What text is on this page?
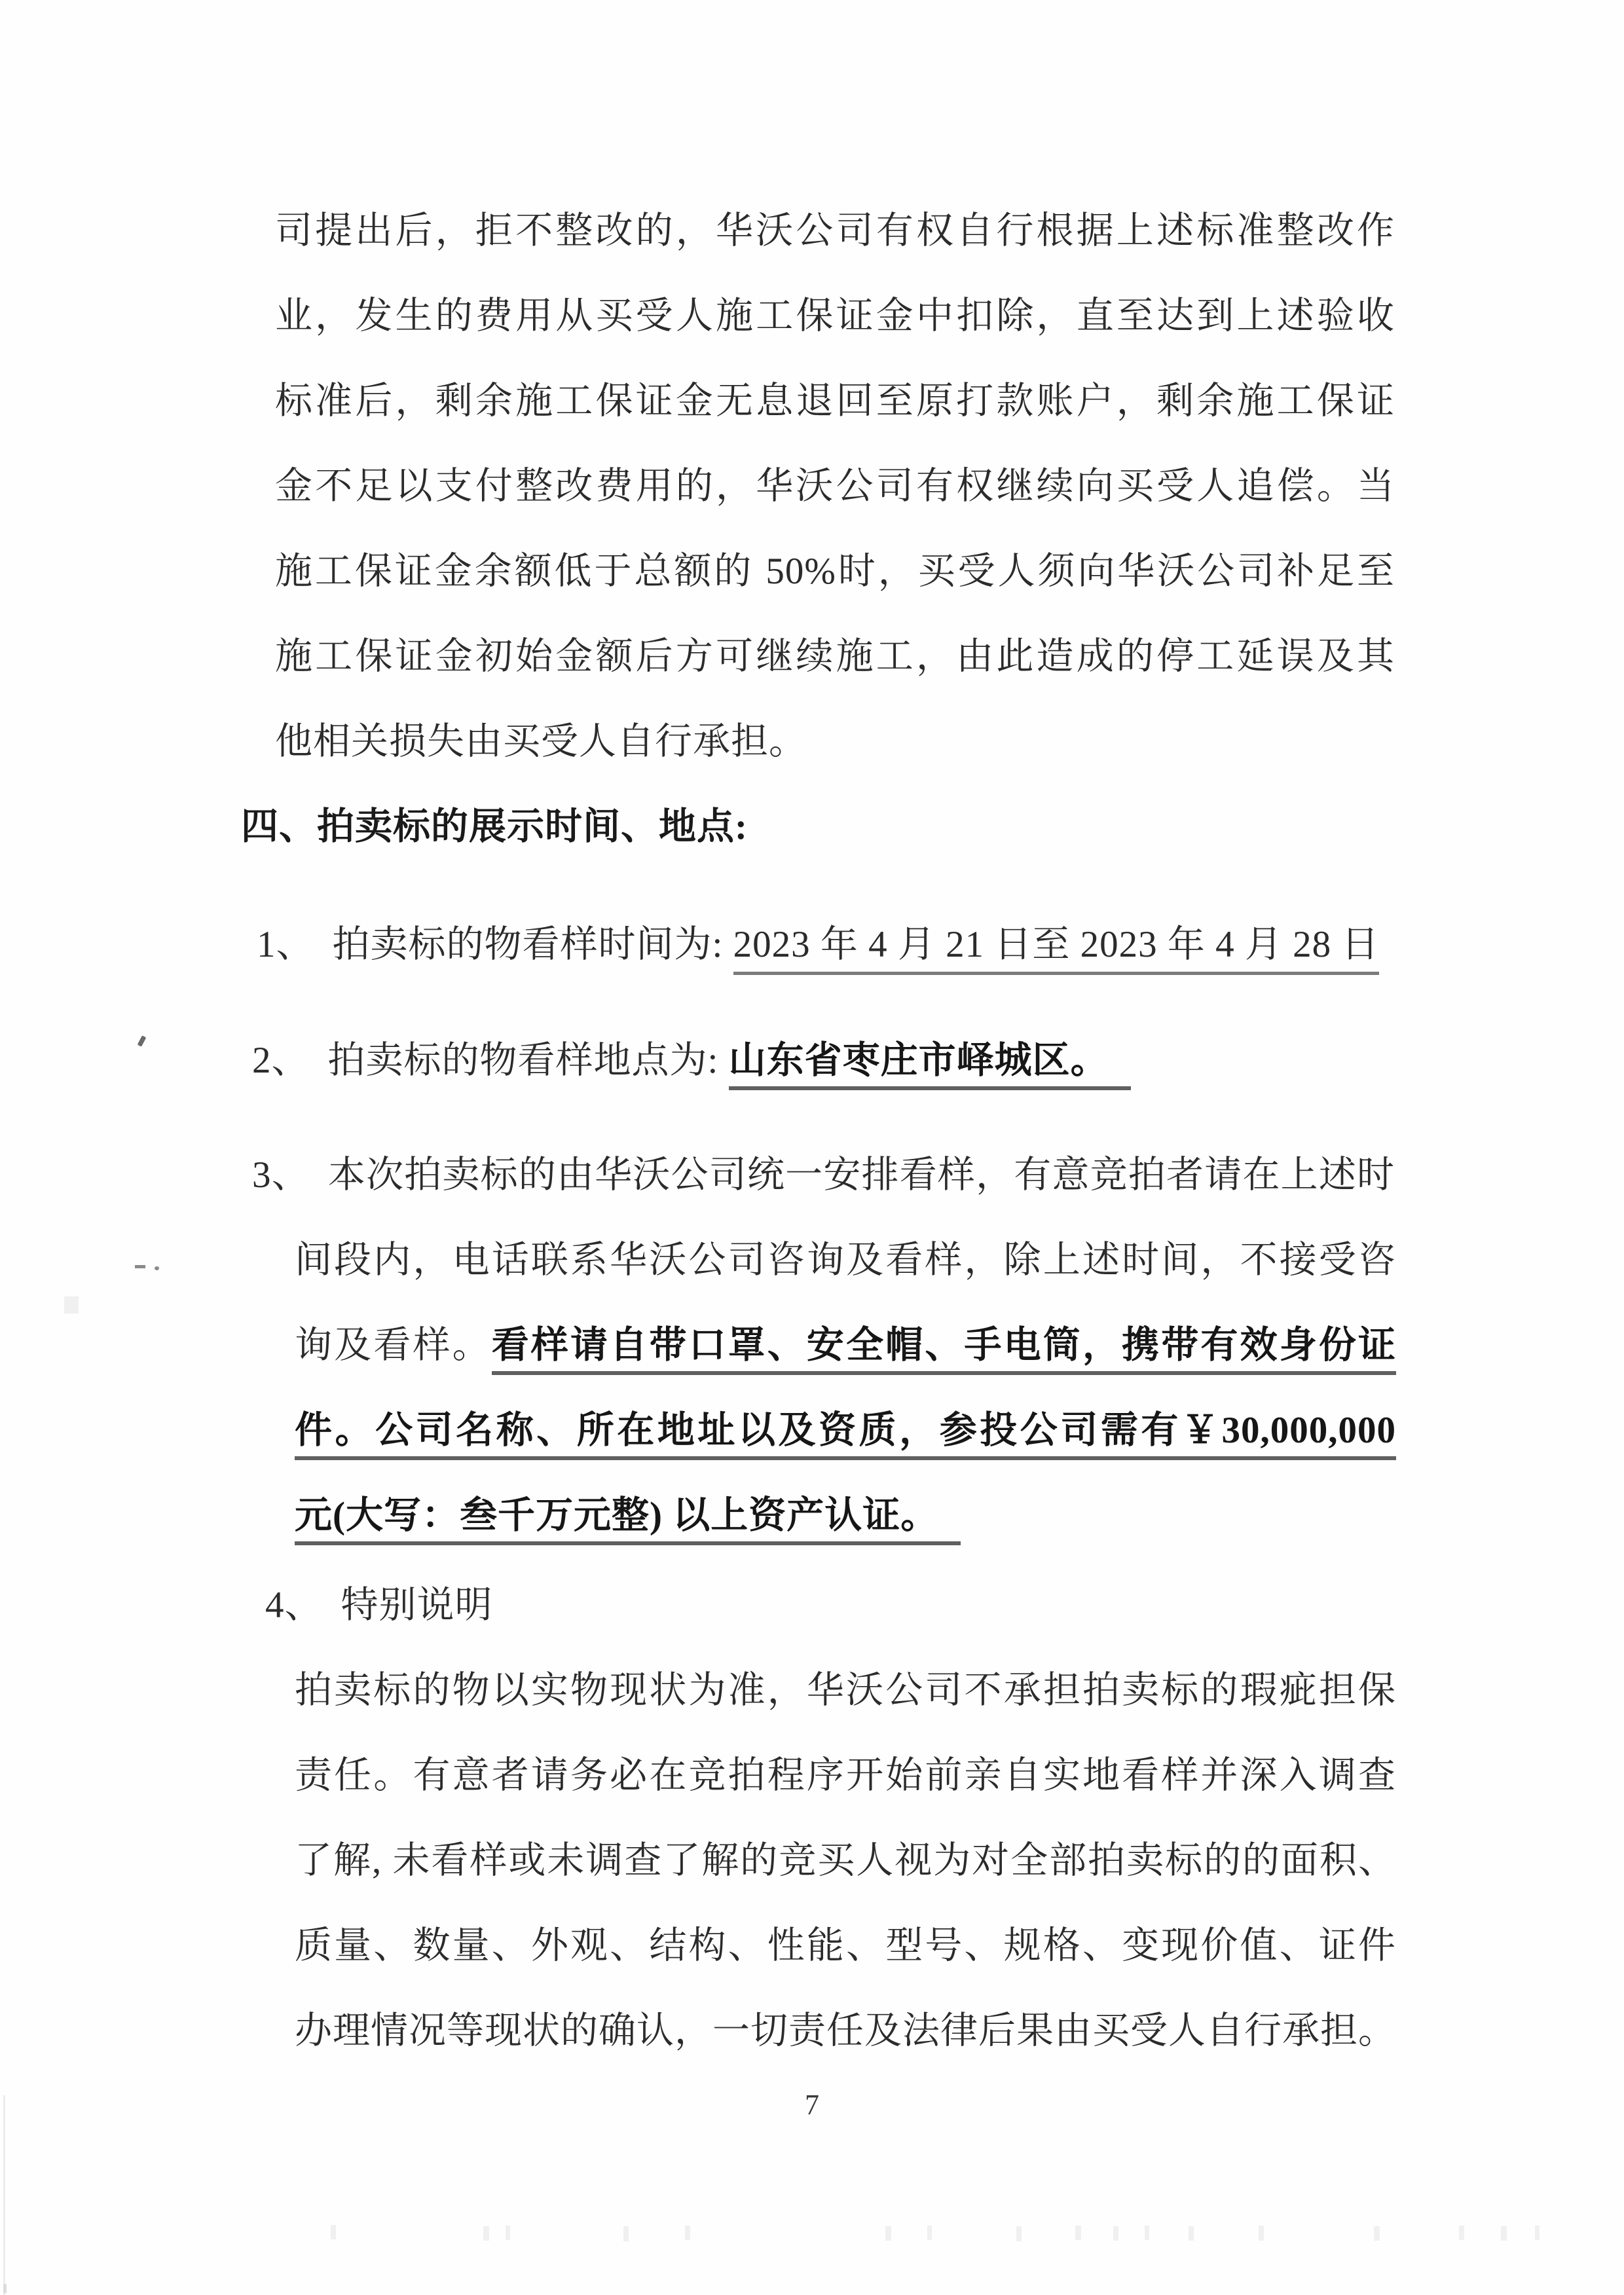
司提出后，拒不整改的，华沃公司有权自行根据上述标准整改作
业，发生的费用从买受人施工保证金中扣除，直至达到上述验收
标准后，剩余施工保证金无息退回至原打款账户，剩余施工保证
金不足以支付整改费用的，华沃公司有权继续向买受人追偿。当
施工保证金余额低于总额的 50%时，买受人须向华沃公司补足至
施工保证金初始金额后方可继续施工，由此造成的停工延误及其
他相关损失由买受人自行承担。
四、拍卖标的展示时间、地点:
1、 拍卖标的物看样时间为: 2023 年 4 月 21 日至 2023 年 4 月 28 日
2、 拍卖标的物看样地点为: 山东省枣庄市峄城区。
3、 本次拍卖标的由华沃公司统一安排看样，有意竞拍者请在上述时
间段内，电话联系华沃公司咨询及看样，除上述时间，不接受咨
询及看样。看样请自带口罩、安全帽、手电筒，携带有效身份证
件。公司名称、所在地址以及资质，参投公司需有￥30,000,000
元(大写：叁千万元整) 以上资产认证。
4、 特别说明
拍卖标的物以实物现状为准，华沃公司不承担拍卖标的瑕疵担保
责任。有意者请务必在竞拍程序开始前亲自实地看样并深入调查
了解, 未看样或未调查了解的竞买人视为对全部拍卖标的的面积、
质量、数量、外观、结构、性能、型号、规格、变现价值、证件
办理情况等现状的确认，一切责任及法律后果由买受人自行承担。
7
